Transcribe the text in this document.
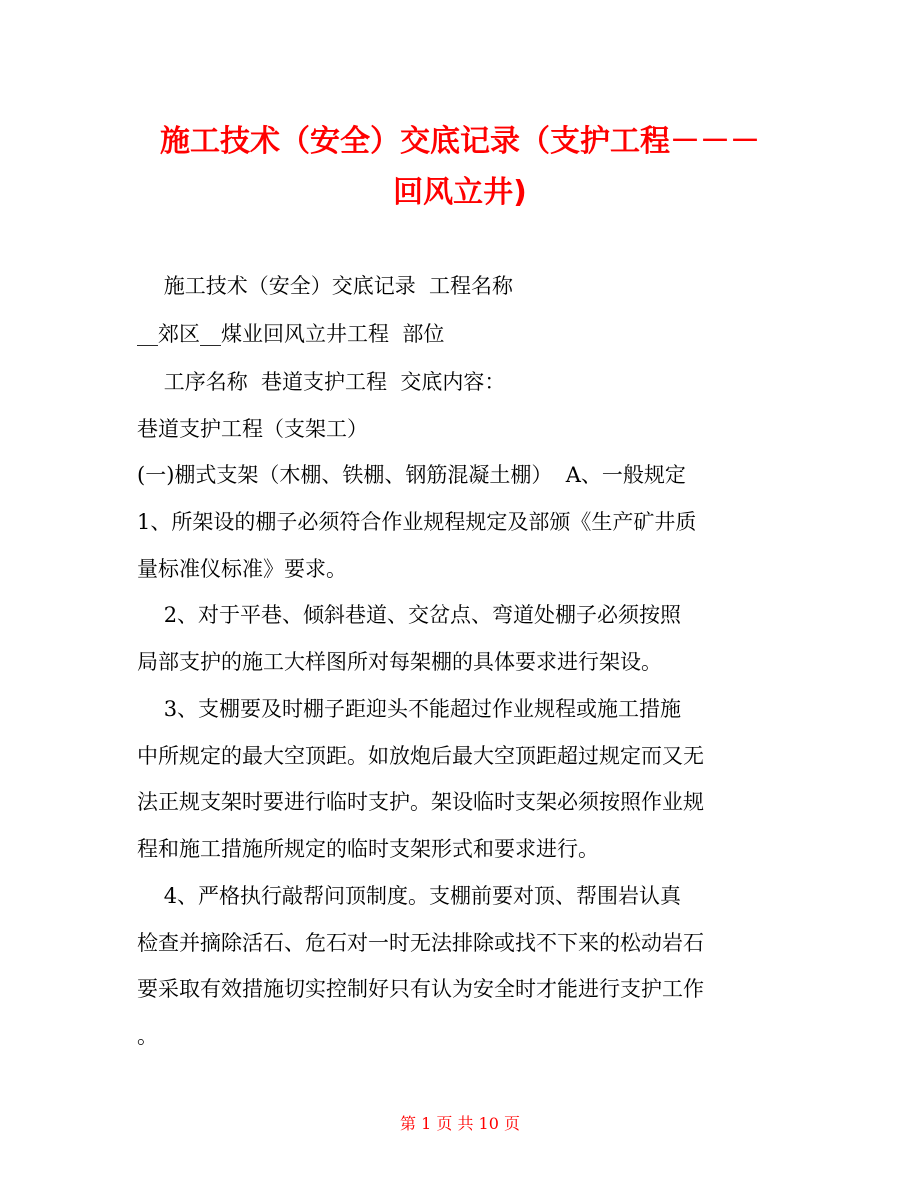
施工技术（安全）交底记录（支护工程－－－
回风立井)

施工技术（安全）交底记录  工程名称

__郊区__煤业回风立井工程  部位

工序名称  巷道支护工程  交底内容：

巷道支护工程（支架工）

(一)棚式支架（木棚、铁棚、钢筋混凝土棚）  A、一般规定

1、所架设的棚子必须符合作业规程规定及部颁《生产矿井质

量标准仪标准》要求。

2、对于平巷、倾斜巷道、交岔点、弯道处棚子必须按照

局部支护的施工大样图所对每架棚的具体要求进行架设。

3、支棚要及时棚子距迎头不能超过作业规程或施工措施

中所规定的最大空顶距。如放炮后最大空顶距超过规定而又无

法正规支架时要进行临时支护。架设临时支架必须按照作业规

程和施工措施所规定的临时支架形式和要求进行。

4、严格执行敲帮问顶制度。支棚前要对顶、帮围岩认真

检查并摘除活石、危石对一时无法排除或找不下来的松动岩石

要采取有效措施切实控制好只有认为安全时才能进行支护工作

。

第 1 页 共 10 页
